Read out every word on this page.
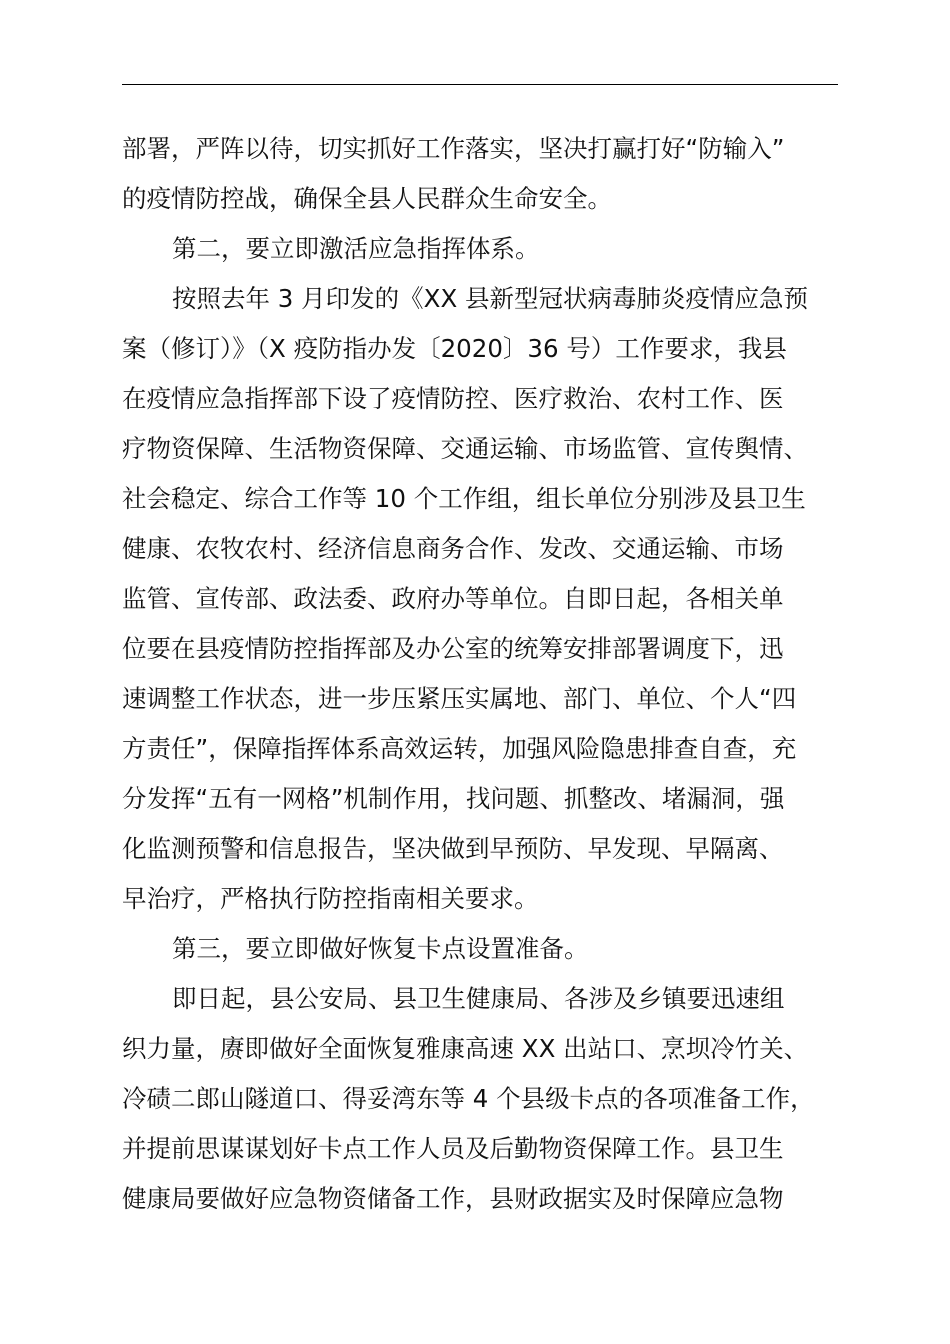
部署，严阵以待，切实抓好工作落实，坚决打赢打好“防输入”
的疫情防控战，确保全县人民群众生命安全。
第二，要立即激活应急指挥体系。
按照去年 3 月印发的《XX 县新型冠状病毒肺炎疫情应急预
案（修订）》（X 疫防指办发〔2020〕36 号）工作要求，我县
在疫情应急指挥部下设了疫情防控、医疗救治、农村工作、医
疗物资保障、生活物资保障、交通运输、市场监管、宣传舆情、
社会稳定、综合工作等 10 个工作组，组长单位分别涉及县卫生
健康、农牧农村、经济信息商务合作、发改、交通运输、市场
监管、宣传部、政法委、政府办等单位。自即日起，各相关单
位要在县疫情防控指挥部及办公室的统筹安排部署调度下，迅
速调整工作状态，进一步压紧压实属地、部门、单位、个人“四
方责任”，保障指挥体系高效运转，加强风险隐患排查自查，充
分发挥“五有一网格”机制作用，找问题、抓整改、堵漏洞，强
化监测预警和信息报告，坚决做到早预防、早发现、早隔离、
早治疗，严格执行防控指南相关要求。
第三，要立即做好恢复卡点设置准备。
即日起，县公安局、县卫生健康局、各涉及乡镇要迅速组
织力量，赓即做好全面恢复雅康高速 XX 出站口、烹坝冷竹关、
冷碛二郎山隧道口、得妥湾东等 4 个县级卡点的各项准备工作，
并提前思谋谋划好卡点工作人员及后勤物资保障工作。县卫生
健康局要做好应急物资储备工作，县财政据实及时保障应急物
